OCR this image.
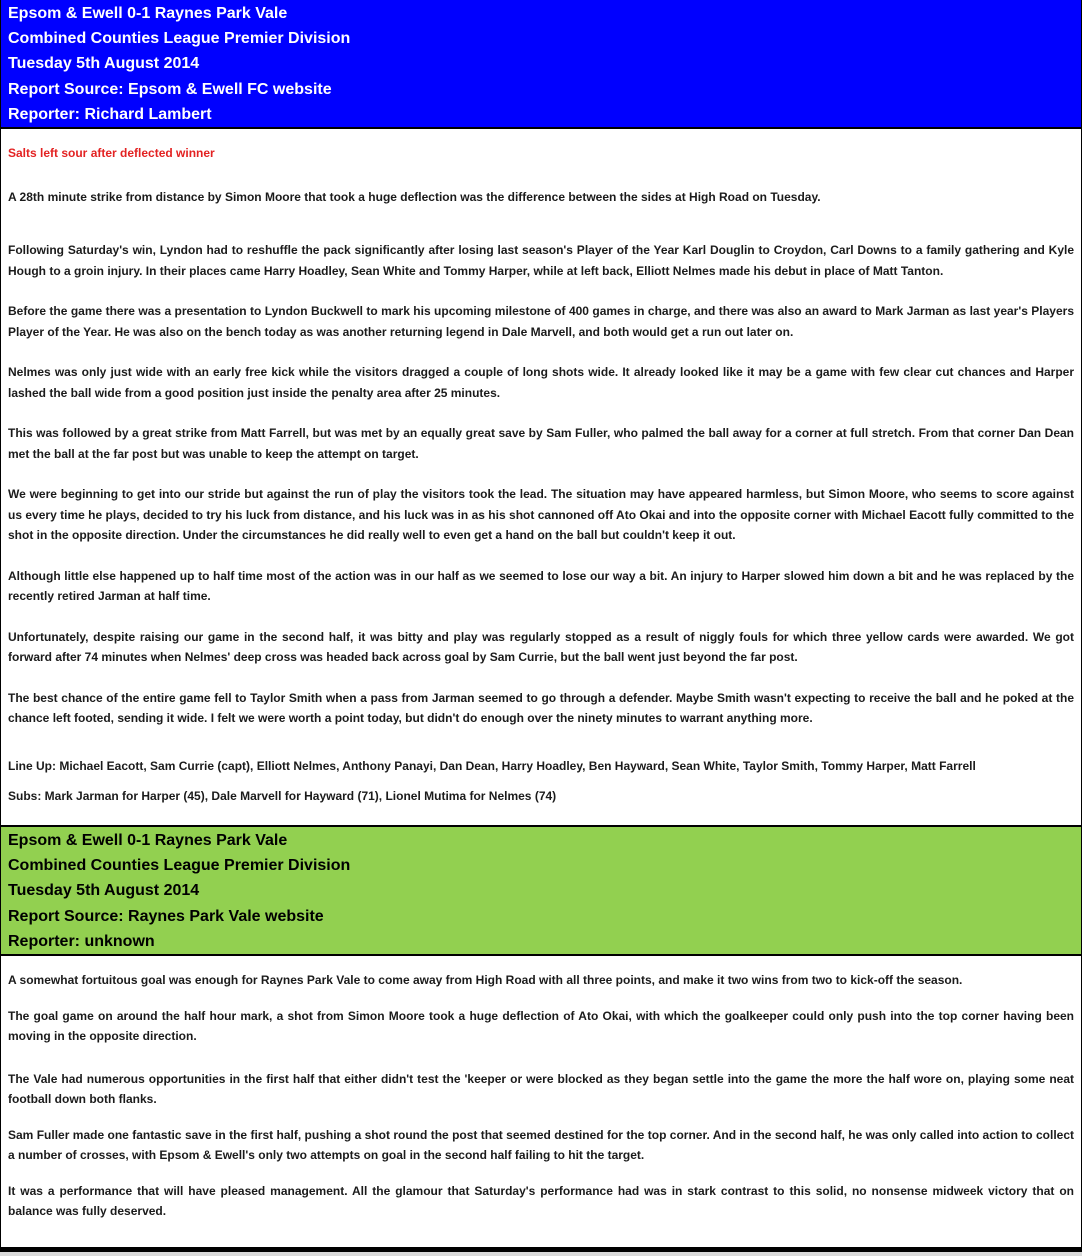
Epsom & Ewell 0-1 Raynes Park Vale
Combined Counties League Premier Division
Tuesday 5th August 2014
Report Source: Epsom & Ewell FC website
Reporter: Richard Lambert

Salts left sour after deflected winner

A 28th minute strike from distance by Simon Moore that took a huge deflection was the difference between the sides at High Road on Tuesday.

Following Saturday's win, Lyndon had to reshuffle the pack significantly after losing last season's Player of the Year Karl Douglin to Croydon, Carl Downs to a family gathering and Kyle Hough to a groin injury. In their places came Harry Hoadley, Sean White and Tommy Harper, while at left back, Elliott Nelmes made his debut in place of Matt Tanton.

Before the game there was a presentation to Lyndon Buckwell to mark his upcoming milestone of 400 games in charge, and there was also an award to Mark Jarman as last year's Players Player of the Year. He was also on the bench today as was another returning legend in Dale Marvell, and both would get a run out later on.

Nelmes was only just wide with an early free kick while the visitors dragged a couple of long shots wide. It already looked like it may be a game with few clear cut chances and Harper lashed the ball wide from a good position just inside the penalty area after 25 minutes.

This was followed by a great strike from Matt Farrell, but was met by an equally great save by Sam Fuller, who palmed the ball away for a corner at full stretch. From that corner Dan Dean met the ball at the far post but was unable to keep the attempt on target.

We were beginning to get into our stride but against the run of play the visitors took the lead. The situation may have appeared harmless, but Simon Moore, who seems to score against us every time he plays, decided to try his luck from distance, and his luck was in as his shot cannoned off Ato Okai and into the opposite corner with Michael Eacott fully committed to the shot in the opposite direction. Under the circumstances he did really well to even get a hand on the ball but couldn't keep it out.

Although little else happened up to half time most of the action was in our half as we seemed to lose our way a bit. An injury to Harper slowed him down a bit and he was replaced by the recently retired Jarman at half time.

Unfortunately, despite raising our game in the second half, it was bitty and play was regularly stopped as a result of niggly fouls for which three yellow cards were awarded. We got forward after 74 minutes when Nelmes' deep cross was headed back across goal by Sam Currie, but the ball went just beyond the far post.

The best chance of the entire game fell to Taylor Smith when a pass from Jarman seemed to go through a defender. Maybe Smith wasn't expecting to receive the ball and he poked at the chance left footed, sending it wide. I felt we were worth a point today, but didn't do enough over the ninety minutes to warrant anything more.

Line Up: Michael Eacott, Sam Currie (capt), Elliott Nelmes, Anthony Panayi, Dan Dean, Harry Hoadley, Ben Hayward, Sean White, Taylor Smith, Tommy Harper, Matt Farrell

Subs: Mark Jarman for Harper (45), Dale Marvell for Hayward (71), Lionel Mutima for Nelmes (74)

Epsom & Ewell 0-1 Raynes Park Vale
Combined Counties League Premier Division
Tuesday 5th August 2014
Report Source: Raynes Park Vale website
Reporter: unknown

A somewhat fortuitous goal was enough for Raynes Park Vale to come away from High Road with all three points, and make it two wins from two to kick-off the season.

The goal game on around the half hour mark, a shot from Simon Moore took a huge deflection of Ato Okai, with which the goalkeeper could only push into the top corner having been moving in the opposite direction.

The Vale had numerous opportunities in the first half that either didn't test the 'keeper or were blocked as they began settle into the game the more the half wore on, playing some neat football down both flanks.

Sam Fuller made one fantastic save in the first half, pushing a shot round the post that seemed destined for the top corner. And in the second half, he was only called into action to collect a number of crosses, with Epsom & Ewell's only two attempts on goal in the second half failing to hit the target.

It was a performance that will have pleased management. All the glamour that Saturday's performance had was in stark contrast to this solid, no nonsense midweek victory that on balance was fully deserved.
